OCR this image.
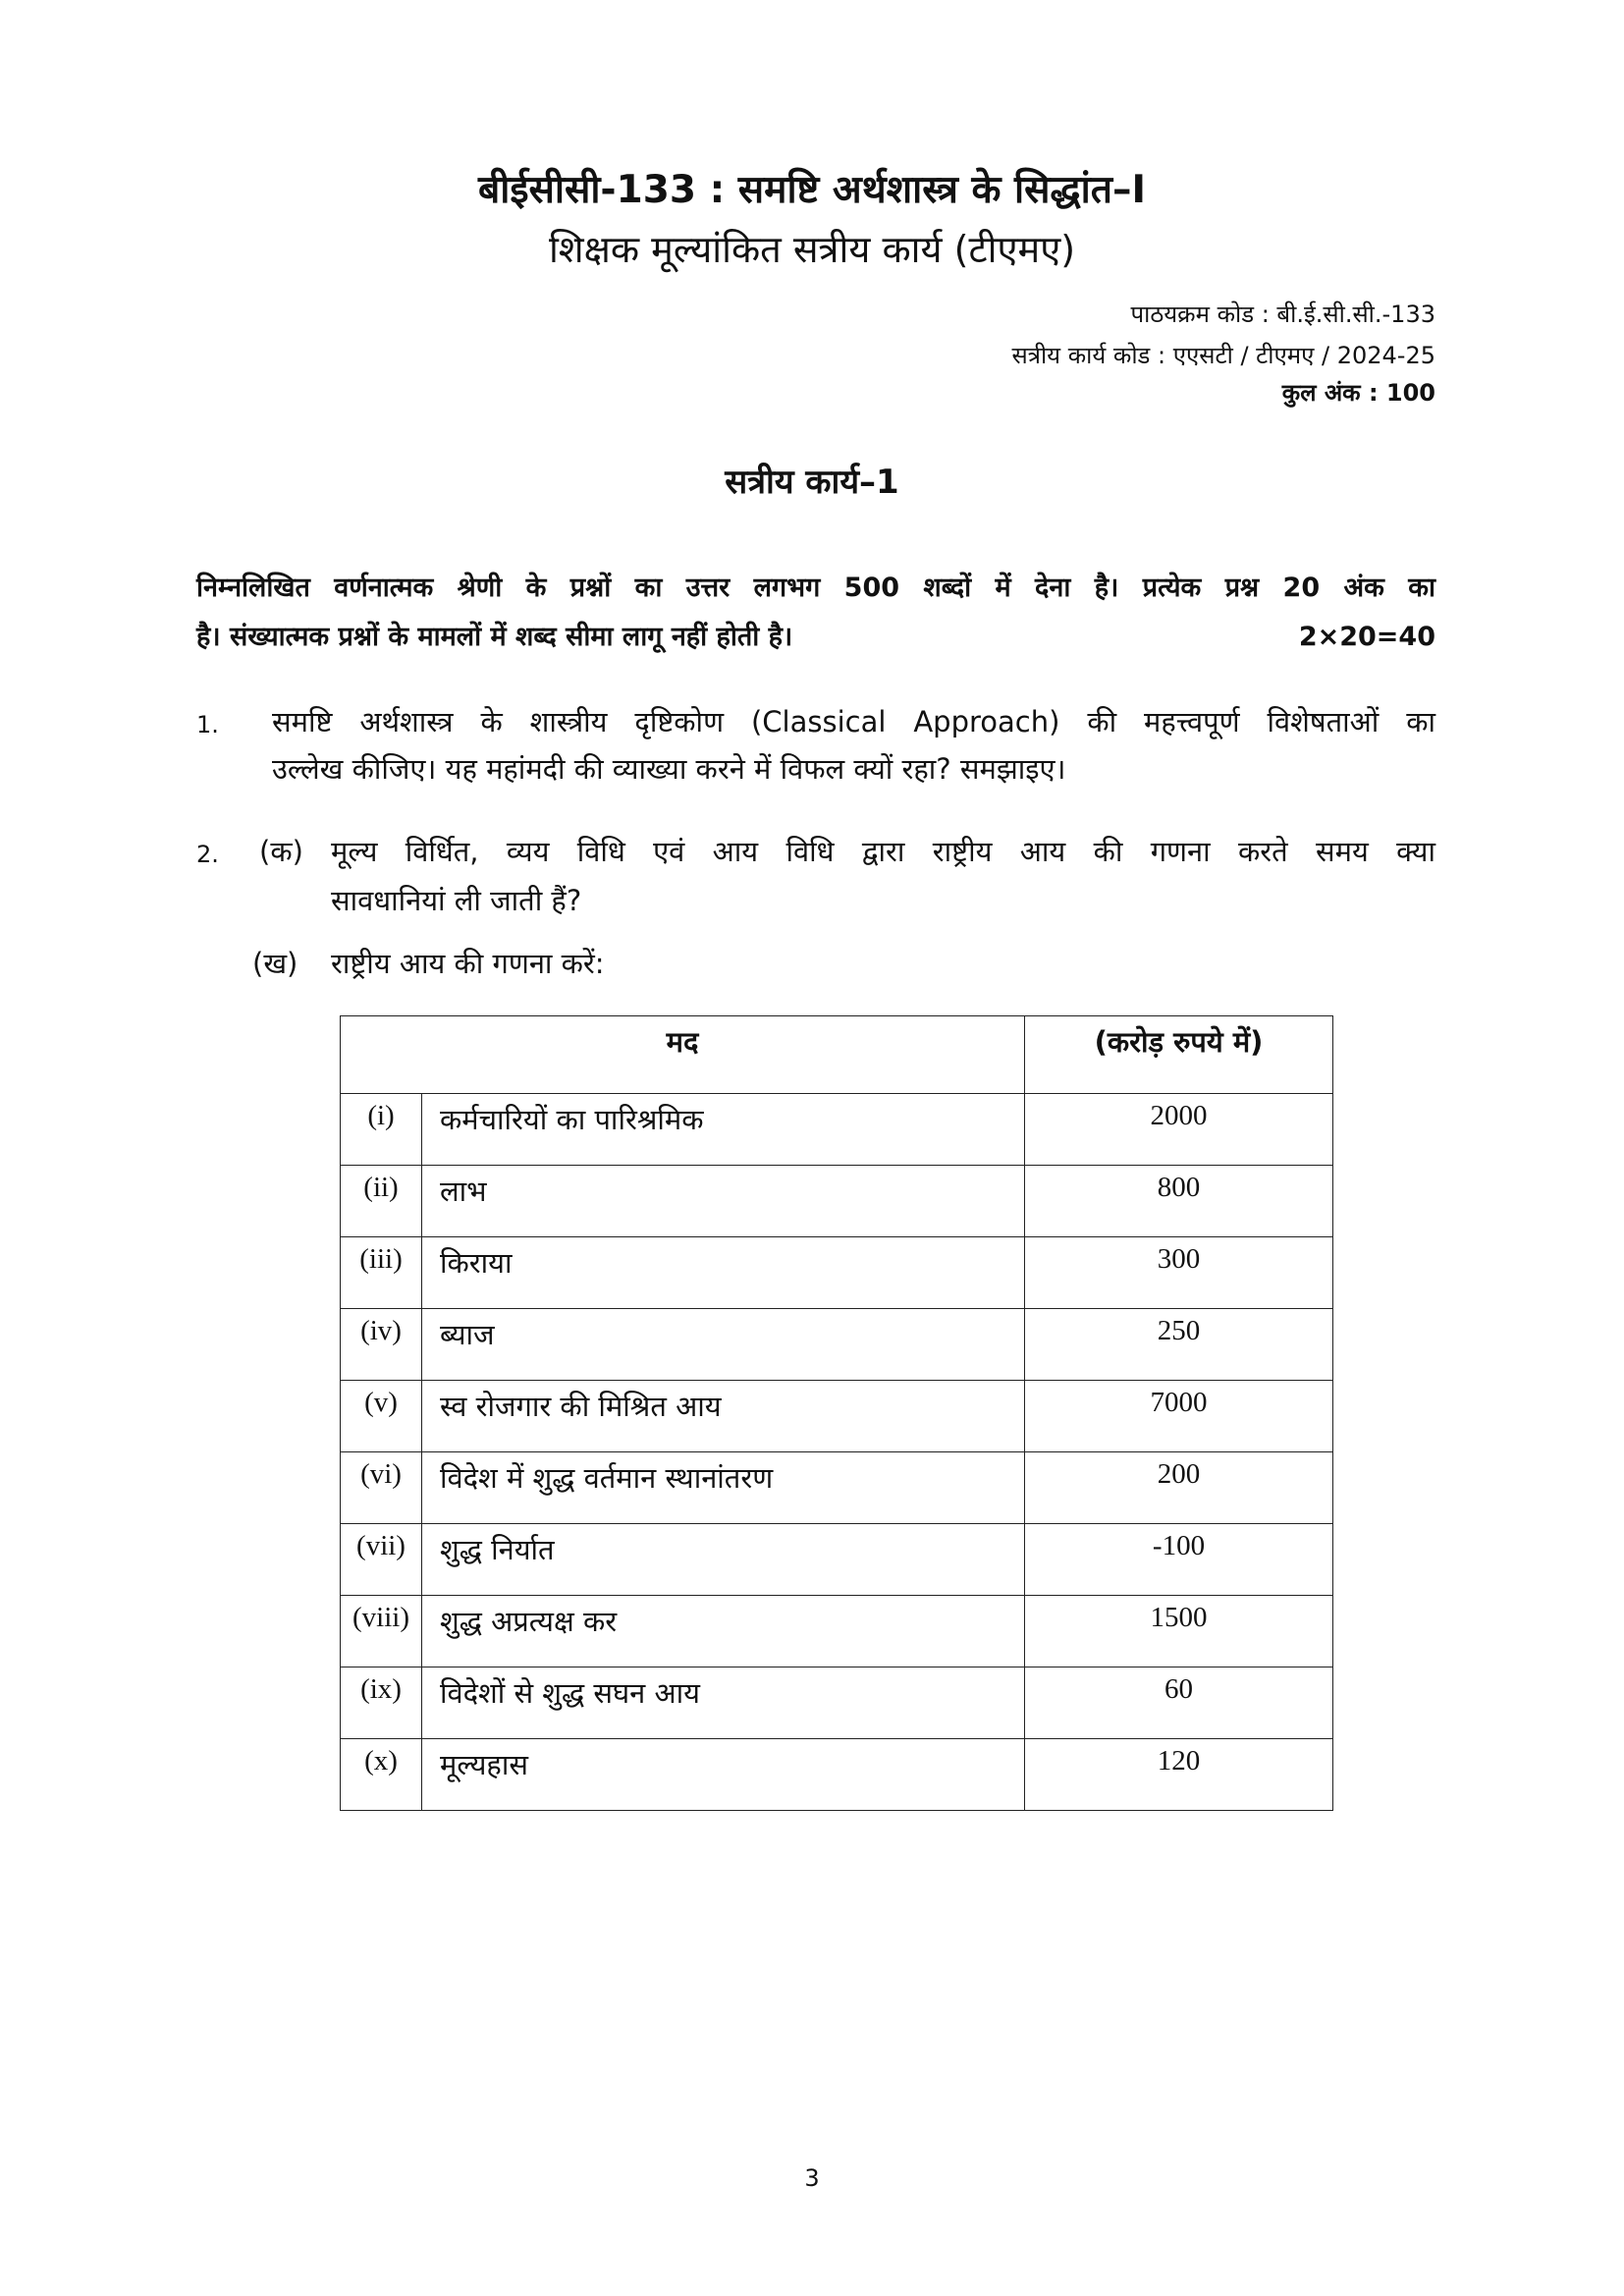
बीईसीसी-133 : समष्टि अर्थशास्त्र के सिद्धांत–I
शिक्षक मूल्यांकित सत्रीय कार्य (टीएमए)
पाठयक्रम कोड : बी.ई.सी.सी.-133
सत्रीय कार्य कोड : एएसटी / टीएमए / 2024-25
कुल अंक : 100
सत्रीय कार्य–1
निम्नलिखित वर्णनात्मक श्रेणी के प्रश्नों का उत्तर लगभग 500 शब्दों में देना है। प्रत्येक प्रश्न 20 अंक का
है। संख्यात्मक प्रश्नों के मामलों में शब्द सीमा लागू नहीं होती है।	2×20=40
1. समष्टि अर्थशास्त्र के शास्त्रीय दृष्टिकोण (Classical Approach) की महत्त्वपूर्ण विशेषताओं का
उल्लेख कीजिए। यह महांमदी की व्याख्या करने में विफल क्यों रहा? समझाइए।
2. (क) मूल्य विर्धित, व्यय विधि एवं आय विधि द्वारा राष्ट्रीय आय की गणना करते समय क्या
सावधानियां ली जाती हैं?
(ख) राष्ट्रीय आय की गणना करें:
मद		(करोड़ रुपये में)
(i)	कर्मचारियों का पारिश्रमिक	2000
(ii)	लाभ	800
(iii)	किराया	300
(iv)	ब्याज	250
(v)	स्व रोजगार की मिश्रित आय	7000
(vi)	विदेश में शुद्ध वर्तमान स्थानांतरण	200
(vii)	शुद्ध निर्यात	-100
(viii)	शुद्ध अप्रत्यक्ष कर	1500
(ix)	विदेशों से शुद्ध सघन आय	60
(x)	मूल्यहास	120
3
